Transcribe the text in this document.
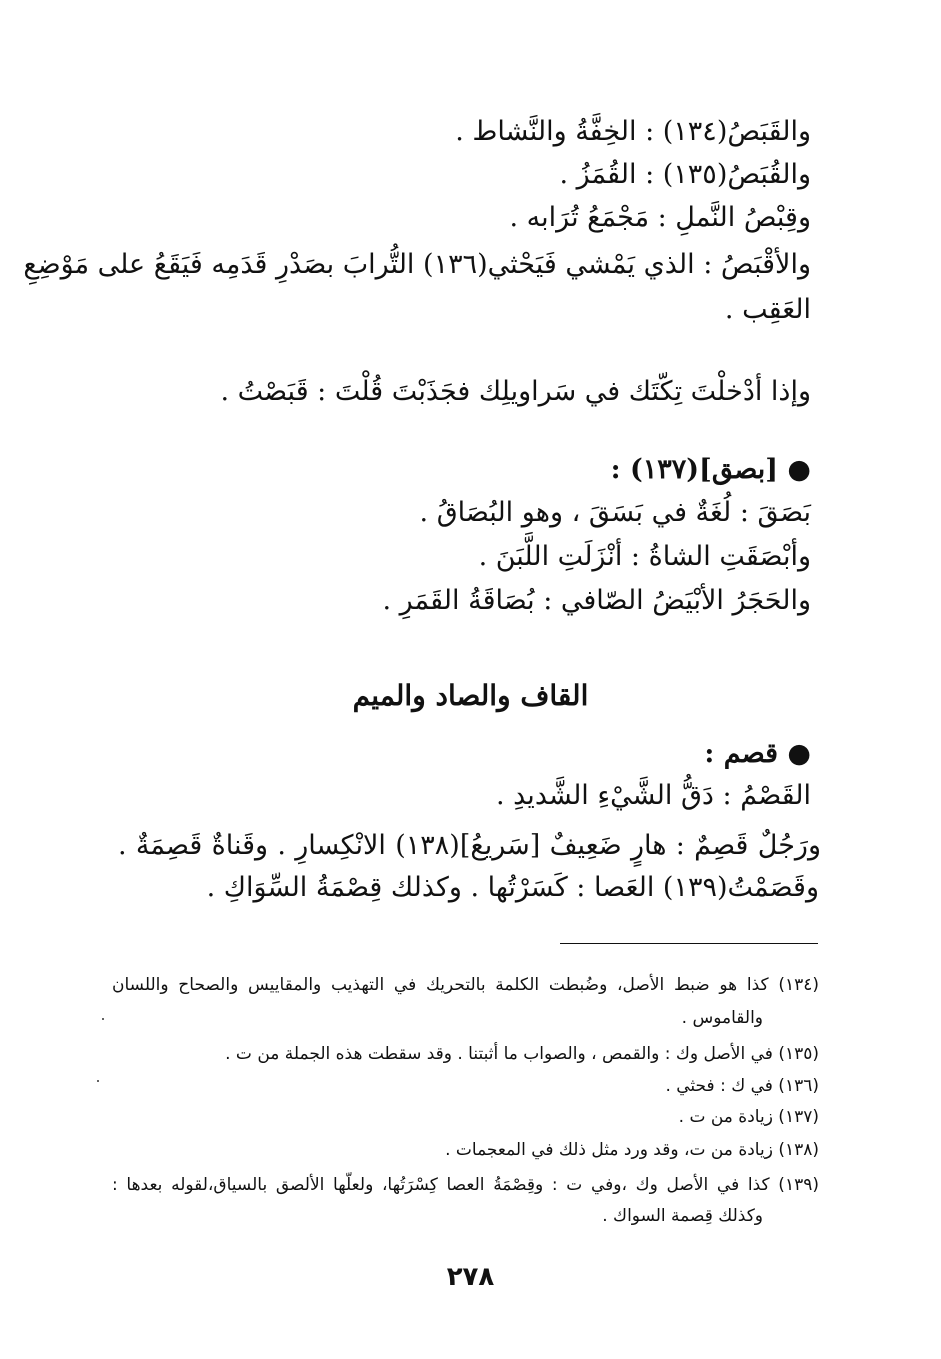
والقَبَصُ(١٣٤) : الخِفَّةُ والنَّشاط .
والقُبَصُ(١٣٥) : القُمَزُ .
وقِبْصُ النَّملِ : مَجْمَعُ تُرَابه .
والأقْبَصُ : الذي يَمْشي فَيَحْثي(١٣٦) التُّرابَ بصَدْرِ قَدَمِه فَيَقَعُ على مَوْضِعِ
العَقِب .
وإذا أدْخلْتَ تِكّتَك في سَراويلِك فجَذَبْتَ قُلْتَ : قَبَصْتُ .
● [بصق](١٣٧) :
بَصَقَ : لُغَةٌ في بَسَقَ ، وهو البُصَاقُ .
وأبْصَقَتِ الشاةُ : أنْزَلَتِ اللَّبَنَ .
والحَجَرُ الأبْيَضُ الصّافي : بُصَاقَةُ القَمَرِ .
القاف والصاد والميم
● قصم :
القَصْمُ : دَقُّ الشَّيْءِ الشَّديدِ .
ورَجُلٌ قَصِمٌ : هارٍ ضَعِيفٌ [سَريعُ](١٣٨) الانْكِسارِ . وقَناةٌ قَصِمَةٌ .
وقَصَمْتُ(١٣٩) العَصا : كَسَرْتُها . وكذلك قِصْمَةُ السِّوَاكِ .
(١٣٤) كذا هو ضبط الأصل، وضُبطت الكلمة بالتحريك في التهذيب والمقاييس والصحاح واللسان
والقاموس .
(١٣٥) في الأصل وك : والقمص ، والصواب ما أثبتنا . وقد سقطت هذه الجملة من ت .
(١٣٦) في ك : فحثي .
(١٣٧) زيادة من ت .
(١٣٨) زيادة من ت، وقد ورد مثل ذلك في المعجمات .
(١٣٩) كذا في الأصل وك ،وفي ت : وقِصْمَةُ العصا كِسْرَتُها، ولعلّها الألصق بالسياق،لقوله بعدها :
وكذلك قِصمة السواك .
٢٧٨
